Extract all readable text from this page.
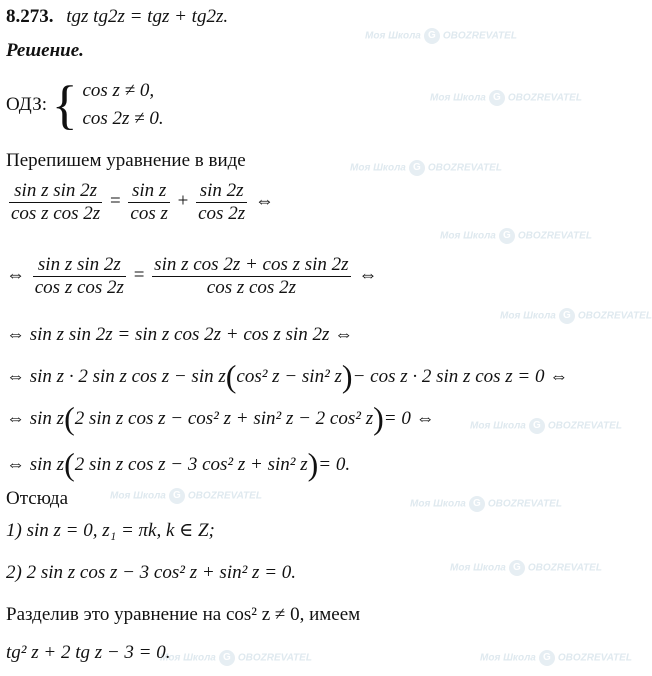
Моя Школа G OBOZREVATEL
Моя Школа G OBOZREVATEL
Моя Школа G OBOZREVATEL
Моя Школа G OBOZREVATEL
Моя Школа G OBOZREVATEL
Моя Школа G OBOZREVATEL
Моя Школа G OBOZREVATEL
Моя Школа G OBOZREVATEL
Моя Школа G OBOZREVATEL
Моя Школа G OBOZREVATEL	Моя Школа G OBOZREVATEL
8.273. tgz tg2z = tgz + tg2z.
Решение.
ОДЗ: { cos z ≠ 0,
cos 2z ≠ 0.
Перепишем уравнение в виде
$\frac{\text{sin z sin 2z}}{\text{cos z cos 2z}} = \frac{\text{sin z}}{\text{cos z}} + \frac{\sin 2z}{\cos 2z}$ ⇔
⇔ $\frac{\text{sin z sin 2z}}{\text{cos z cos 2z}} = \frac{\text{sin z cos 2z + cos z sin 2z}}{\text{cos z cos 2z}}$ ⇔
⇔ sin z sin 2z = sin z cos 2z + cos z sin 2z ⇔
⇔ sin z · 2 sin z cos z − sin z(cos² z − sin² z)− cos z · 2 sin z cos z = 0 ⇔
⇔ sin z(2 sin z cos z − cos² z + sin² z − 2 cos² z)= 0 ⇔
⇔ sin z(2 sin z cos z − 3 cos² z + sin² z)= 0.
Отсюда
1) sin z = 0, z₁ = πk, k ∈ Z;
2) 2 sin z cos z − 3 cos² z + sin² z = 0.
Разделив это уравнение на cos² z ≠ 0, имеем
tg² z + 2 tg z − 3 = 0.
